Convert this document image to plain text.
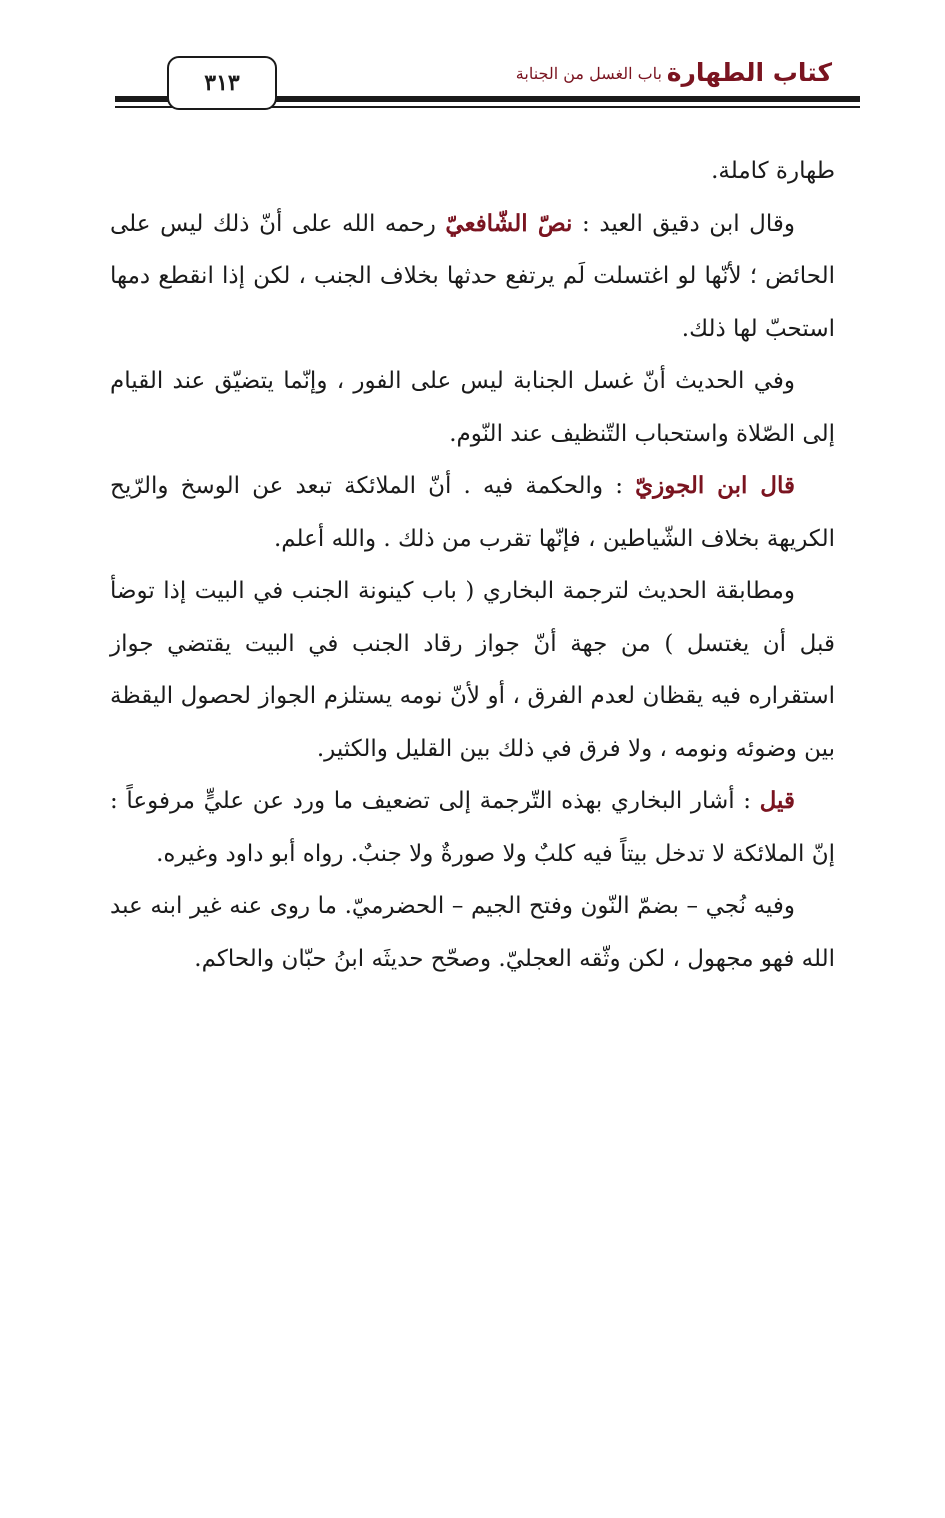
كتاب الطهارة
باب الغسل من الجنابة
٣١٣

طهارة كاملة.

وقال ابن دقيق العيد : نصّ الشّافعيّ رحمه الله على أنّ ذلك ليس على الحائض ؛ لأنّها لو اغتسلت لَم يرتفع حدثها بخلاف الجنب ، لكن إذا انقطع دمها استحبّ لها ذلك.

وفي الحديث أنّ غسل الجنابة ليس على الفور ، وإنّما يتضيّق عند القيام إلى الصّلاة واستحباب التّنظيف عند النّوم.

قال ابن الجوزيّ : والحكمة فيه . أنّ الملائكة تبعد عن الوسخ والرّيح الكريهة بخلاف الشّياطين ، فإنّها تقرب من ذلك . والله أعلم.

ومطابقة الحديث لترجمة البخاري ( باب كينونة الجنب في البيت إذا توضأ قبل أن يغتسل ) من جهة أنّ جواز رقاد الجنب في البيت يقتضي جواز استقراره فيه يقظان لعدم الفرق ، أو لأنّ نومه يستلزم الجواز لحصول اليقظة بين وضوئه ونومه ، ولا فرق في ذلك بين القليل والكثير.

قيل : أشار البخاري بهذه التّرجمة إلى تضعيف ما ورد عن عليٍّ مرفوعاً : إنّ الملائكة لا تدخل بيتاً فيه كلبٌ ولا صورةٌ ولا جنبٌ. رواه أبو داود وغيره.

وفيه نُجي – بضمّ النّون وفتح الجيم – الحضرميّ. ما روى عنه غير ابنه عبد الله فهو مجهول ، لكن وثّقه العجليّ. وصحّح حديثَه ابنُ حبّان والحاكم.
